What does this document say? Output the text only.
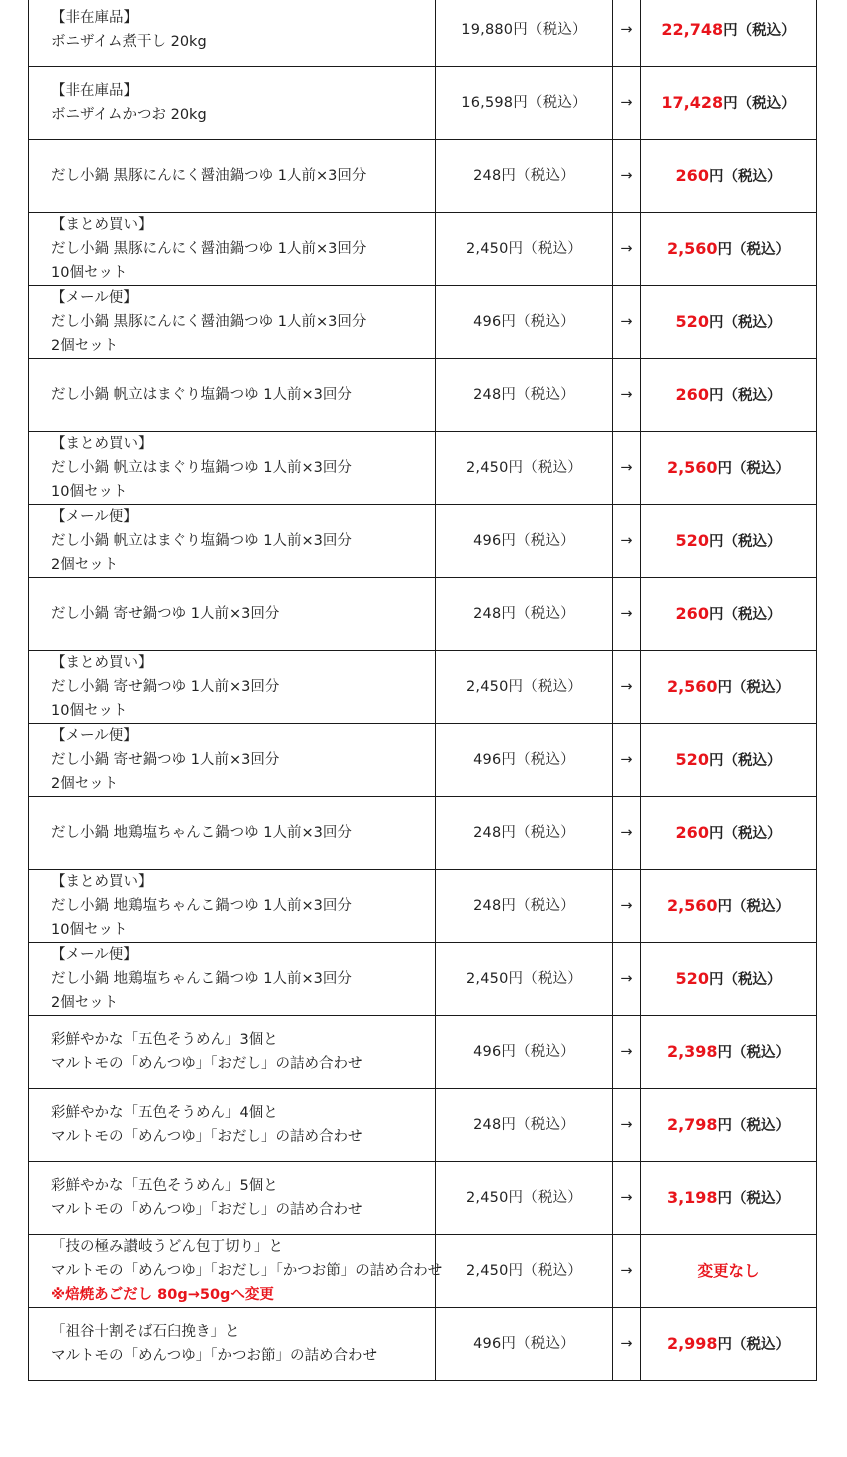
【非在庫品】
ボニザイム煮干し 20kg	19,880円（税込）	→	22,748円（税込）

【非在庫品】
ボニザイムかつお 20kg	16,598円（税込）	→	17,428円（税込）

だし小鍋 黒豚にんにく醤油鍋つゆ 1人前×3回分	248円（税込）	→	260円（税込）

【まとめ買い】
だし小鍋 黒豚にんにく醤油鍋つゆ 1人前×3回分
10個セット	2,450円（税込）	→	2,560円（税込）

【メール便】
だし小鍋 黒豚にんにく醤油鍋つゆ 1人前×3回分
2個セット	496円（税込）	→	520円（税込）

だし小鍋 帆立はまぐり塩鍋つゆ 1人前×3回分	248円（税込）	→	260円（税込）

【まとめ買い】
だし小鍋 帆立はまぐり塩鍋つゆ 1人前×3回分
10個セット	2,450円（税込）	→	2,560円（税込）

【メール便】
だし小鍋 帆立はまぐり塩鍋つゆ 1人前×3回分
2個セット	496円（税込）	→	520円（税込）

だし小鍋 寄せ鍋つゆ 1人前×3回分	248円（税込）	→	260円（税込）

【まとめ買い】
だし小鍋 寄せ鍋つゆ 1人前×3回分
10個セット	2,450円（税込）	→	2,560円（税込）

【メール便】
だし小鍋 寄せ鍋つゆ 1人前×3回分
2個セット	496円（税込）	→	520円（税込）

だし小鍋 地鶏塩ちゃんこ鍋つゆ 1人前×3回分	248円（税込）	→	260円（税込）

【まとめ買い】
だし小鍋 地鶏塩ちゃんこ鍋つゆ 1人前×3回分
10個セット	248円（税込）	→	2,560円（税込）

【メール便】
だし小鍋 地鶏塩ちゃんこ鍋つゆ 1人前×3回分
2個セット	2,450円（税込）	→	520円（税込）

彩鮮やかな「五色そうめん」3個と
マルトモの「めんつゆ」「おだし」の詰め合わせ	496円（税込）	→	2,398円（税込）

彩鮮やかな「五色そうめん」4個と
マルトモの「めんつゆ」「おだし」の詰め合わせ	248円（税込）	→	2,798円（税込）

彩鮮やかな「五色そうめん」5個と
マルトモの「めんつゆ」「おだし」の詰め合わせ	2,450円（税込）	→	3,198円（税込）

「技の極み讃岐うどん包丁切り」と
マルトモの「めんつゆ」「おだし」「かつお節」の詰め合わせ
※焙焼あごだし 80g→50gへ変更	2,450円（税込）	→	変更なし

「祖谷十割そば石臼挽き」と
マルトモの「めんつゆ」「かつお節」の詰め合わせ	496円（税込）	→	2,998円（税込）
